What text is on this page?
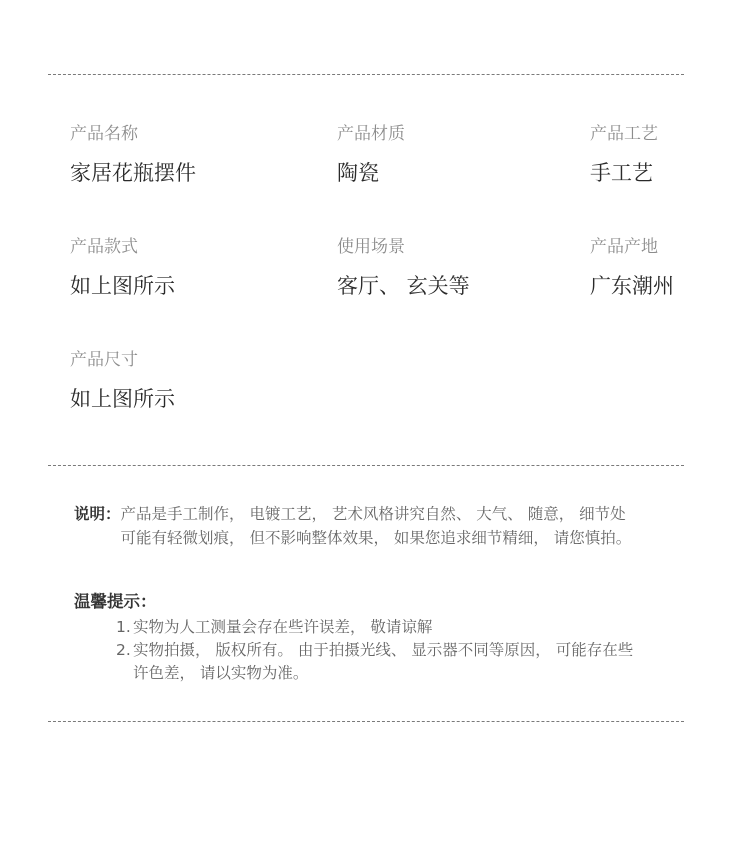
产品名称
家居花瓶摆件
产品材质
陶瓷
产品工艺
手工艺
产品款式
如上图所示
使用场景
客厅、 玄关等
产品产地
广东潮州
产品尺寸
如上图所示
说明： 产品是手工制作， 电镀工艺， 艺术风格讲究自然、 大气、 随意， 细节处
可能有轻微划痕， 但不影响整体效果， 如果您追求细节精细， 请您慎拍。
温馨提示：
1. 实物为人工测量会存在些许误差， 敬请谅解
2. 实物拍摄， 版权所有。 由于拍摄光线、 显示器不同等原因， 可能存在些
许色差， 请以实物为准。
